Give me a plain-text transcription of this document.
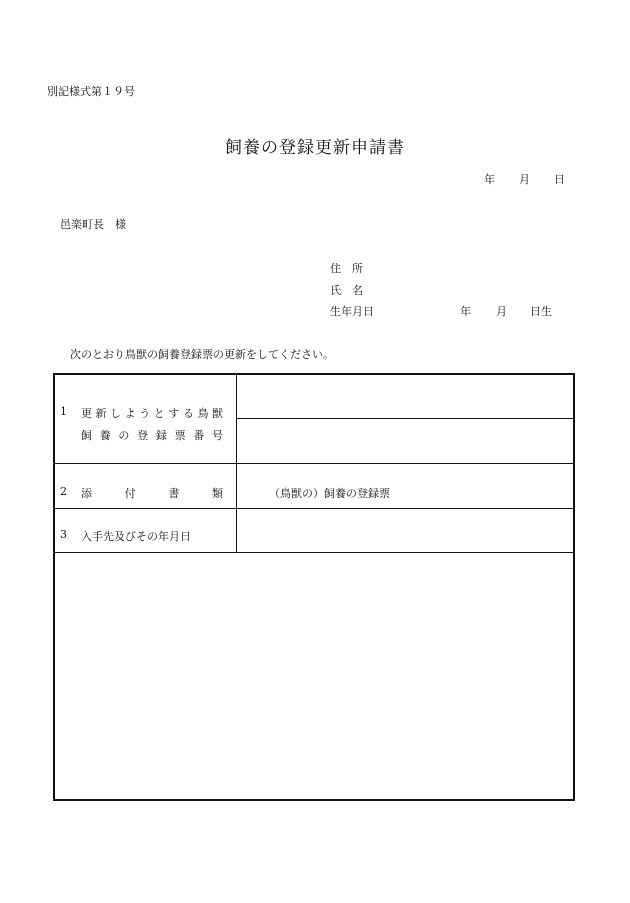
別記様式第１９号
飼養の登録更新申請書
年 月 日
邑楽町長　様
住　所
氏　名
生年月日	年 月 日生
次のとおり鳥獣の飼養登録票の更新をしてください。
1 更新しようとする鳥獣
飼養の登録票番号
2 添付書類	（鳥獣の）飼養の登録票
3 入手先及びその年月日
